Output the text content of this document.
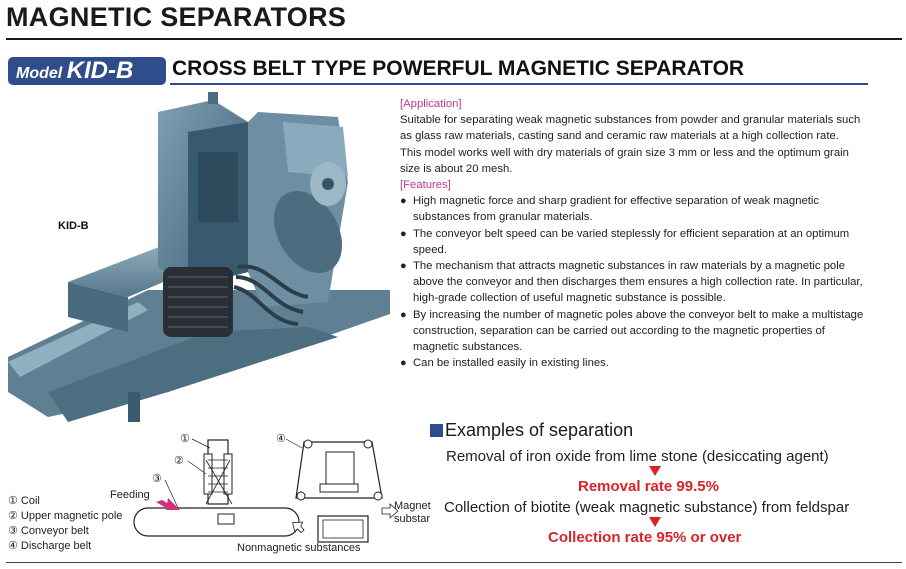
MAGNETIC SEPARATORS
Model KID-B	CROSS BELT TYPE POWERFUL MAGNETIC SEPARATOR
KID-B
[Application]

Suitable for separating weak magnetic substances from powder and granular materials such as glass raw materials, casting sand and ceramic raw materials at a high collection rate.

This model works well with dry materials of grain size 3 mm or less and the optimum grain size is about 20 mesh.

[Features]
● High magnetic force and sharp gradient for effective separation of weak magnetic substances from granular materials.
● The conveyor belt speed can be varied steplessly for efficient separation at an optimum speed.
● The mechanism that attracts magnetic substances in raw materials by a magnetic pole above the conveyor and then discharges them ensures a high collection rate. In particular, high-grade collection of useful magnetic substance is possible.
● By increasing the number of magnetic poles above the conveyor belt to make a multistage construction, separation can be carried out according to the magnetic properties of magnetic substances.
● Can be installed easily in existing lines.
Examples of separation
Removal of iron oxide from lime stone (desiccating agent)
Removal rate 99.5%
Collection of biotite (weak magnetic substance) from feldspar
Collection rate 95% or over
① Coil
② Upper magnetic pole
③ Conveyor belt
④ Discharge belt
①
②
③
④
Feeding
Magnet
substar
Nonmagnetic substances
